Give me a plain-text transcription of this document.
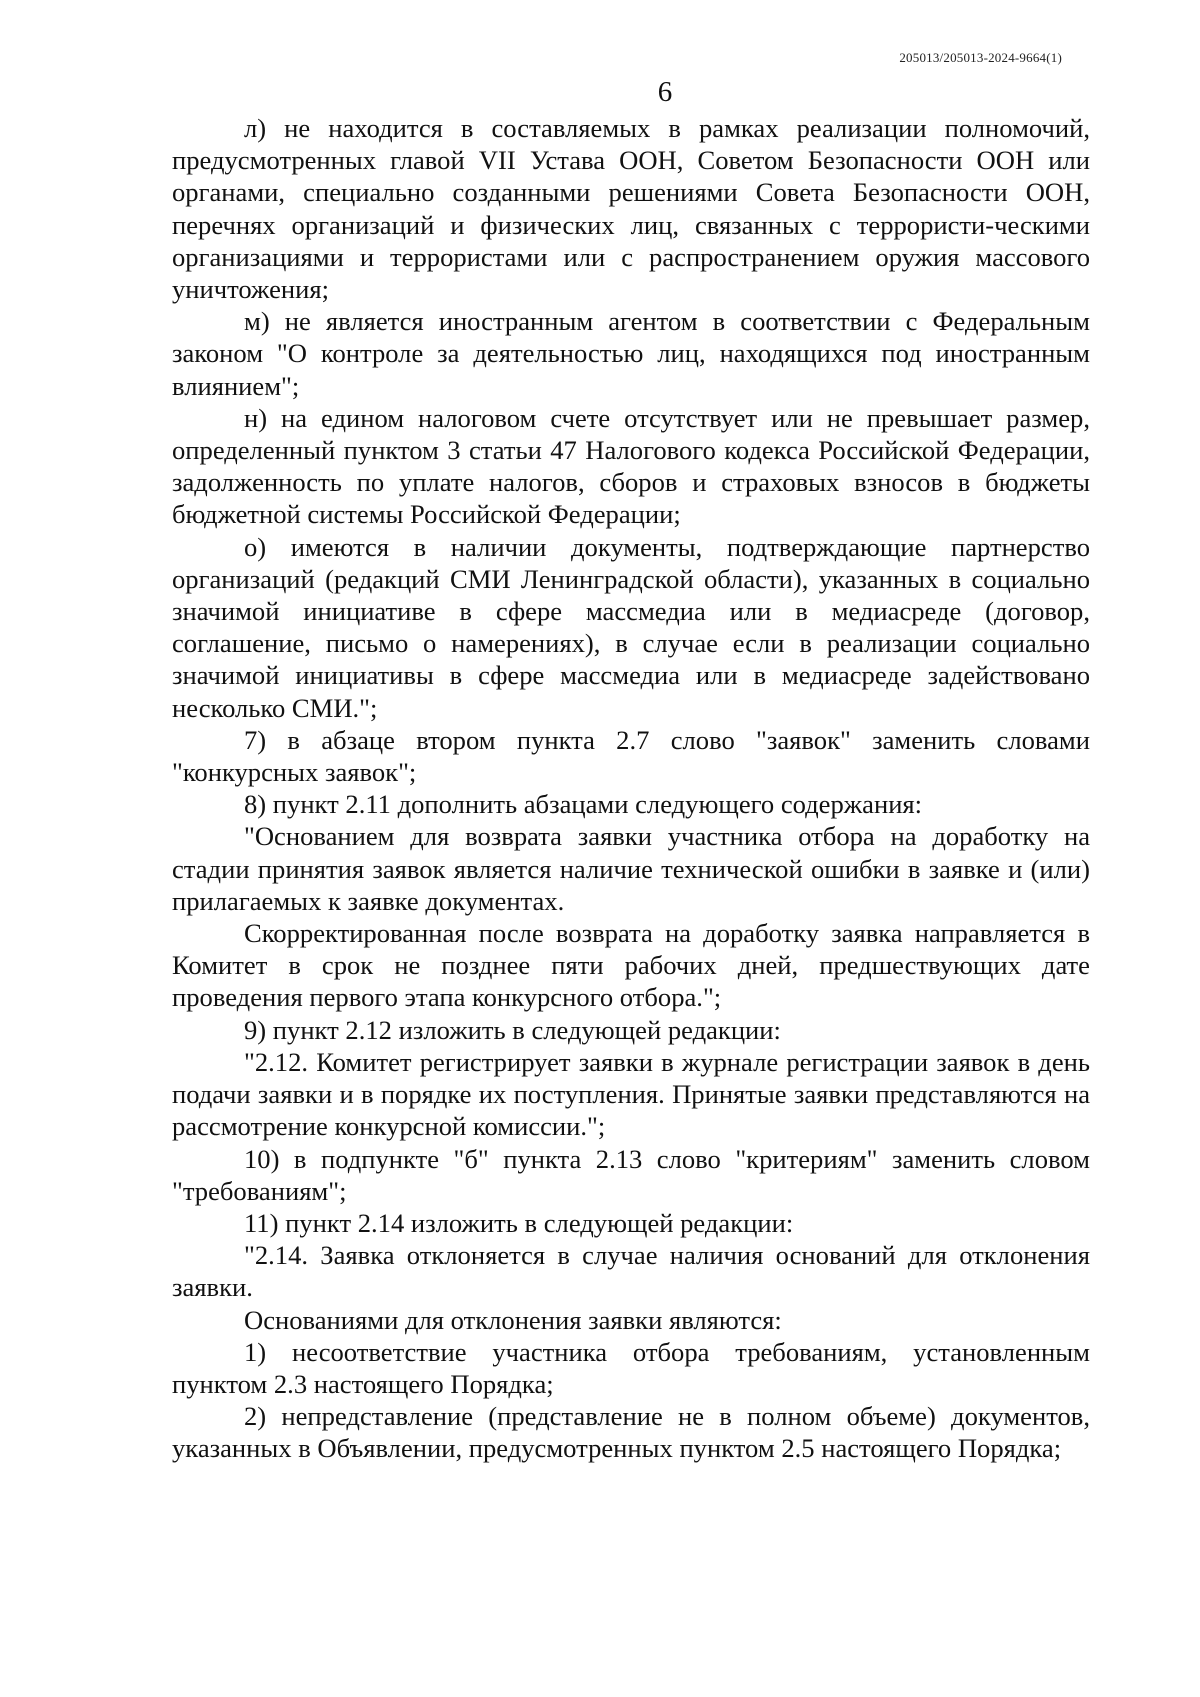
205013/205013-2024-9664(1)
6

л) не находится в составляемых в рамках реализации полномочий, предусмотренных главой VII Устава ООН, Советом Безопасности ООН или органами, специально созданными решениями Совета Безопасности ООН, перечнях организаций и физических лиц, связанных с террористи-ческими организациями и террористами или с распространением оружия массового уничтожения;

м) не является иностранным агентом в соответствии с Федеральным законом "О контроле за деятельностью лиц, находящихся под иностранным влиянием";

н) на едином налоговом счете отсутствует или не превышает размер, определенный пунктом 3 статьи 47 Налогового кодекса Российской Федерации, задолженность по уплате налогов, сборов и страховых взносов в бюджеты бюджетной системы Российской Федерации;

о) имеются в наличии документы, подтверждающие партнерство организаций (редакций СМИ Ленинградской области), указанных в социально значимой инициативе в сфере массмедиа или в медиасреде (договор, соглашение, письмо о намерениях), в случае если в реализации социально значимой инициативы в сфере массмедиа или в медиасреде задействовано несколько СМИ.";

7) в абзаце втором пункта 2.7 слово "заявок" заменить словами "конкурсных заявок";

8) пункт 2.11 дополнить абзацами следующего содержания:

"Основанием для возврата заявки участника отбора на доработку на стадии принятия заявок является наличие технической ошибки в заявке и (или) прилагаемых к заявке документах.

Скорректированная после возврата на доработку заявка направляется в Комитет в срок не позднее пяти рабочих дней, предшествующих дате проведения первого этапа конкурсного отбора.";

9) пункт 2.12 изложить в следующей редакции:

"2.12. Комитет регистрирует заявки в журнале регистрации заявок в день подачи заявки и в порядке их поступления. Принятые заявки представляются на рассмотрение конкурсной комиссии.";

10) в подпункте "б" пункта 2.13 слово "критериям" заменить словом "требованиям";

11) пункт 2.14 изложить в следующей редакции:

"2.14. Заявка отклоняется в случае наличия оснований для отклонения заявки.

Основаниями для отклонения заявки являются:

1) несоответствие участника отбора требованиям, установленным пунктом 2.3 настоящего Порядка;

2) непредставление (представление не в полном объеме) документов, указанных в Объявлении, предусмотренных пунктом 2.5 настоящего Порядка;
